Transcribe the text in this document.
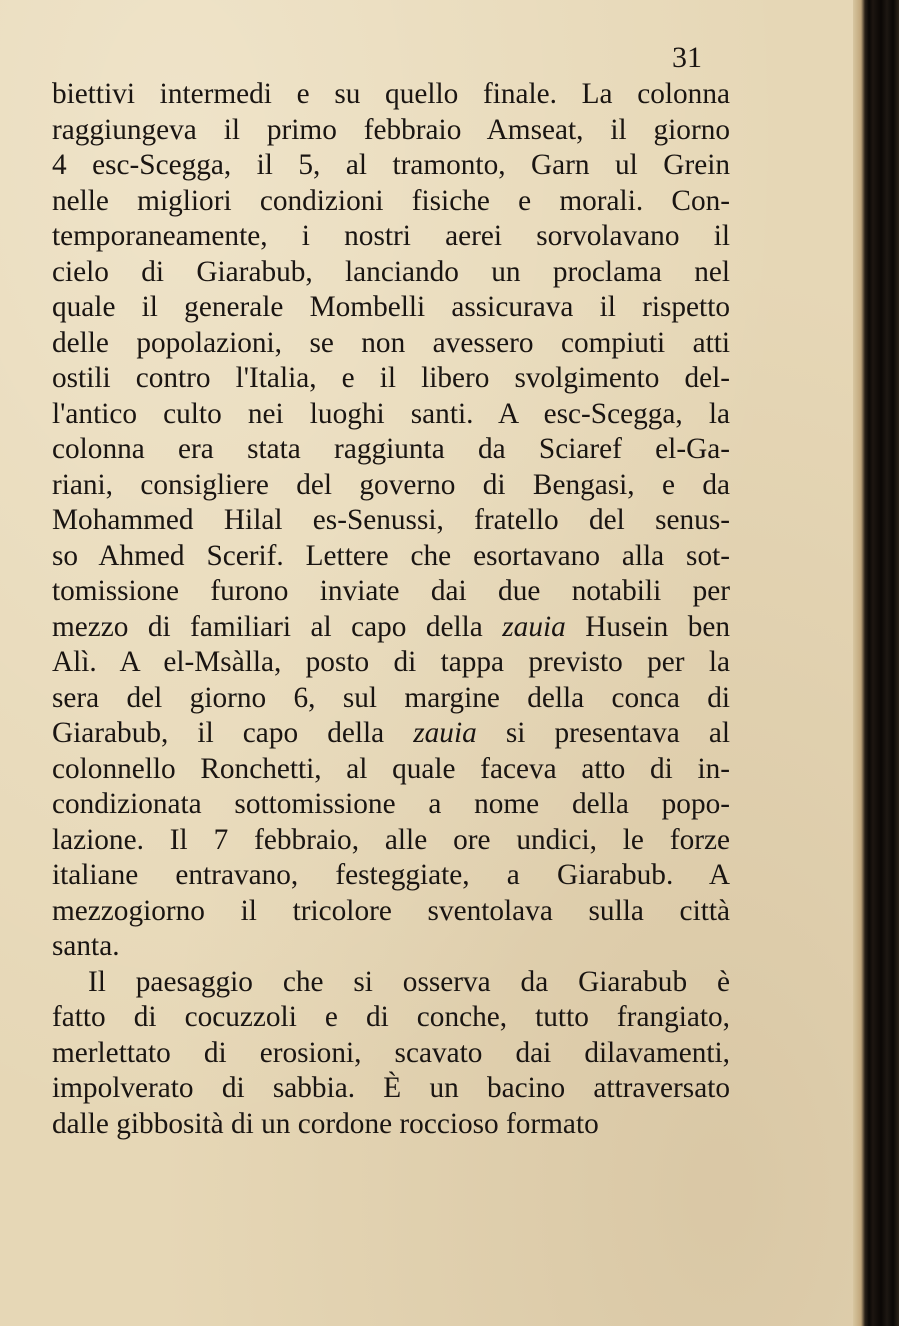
31
biettivi intermedi e su quello finale. La colonna
raggiungeva il primo febbraio Amseat, il giorno
4 esc-Scegga, il 5, al tramonto, Garn ul Grein
nelle migliori condizioni fisiche e morali. Con-
temporaneamente, i nostri aerei sorvolavano il
cielo di Giarabub, lanciando un proclama nel
quale il generale Mombelli assicurava il rispetto
delle popolazioni, se non avessero compiuti atti
ostili contro l'Italia, e il libero svolgimento del-
l'antico culto nei luoghi santi. A esc-Scegga, la
colonna era stata raggiunta da Sciaref el-Ga-
riani, consigliere del governo di Bengasi, e da
Mohammed Hilal es-Senussi, fratello del senus-
so Ahmed Scerif. Lettere che esortavano alla sot-
tomissione furono inviate dai due notabili per
mezzo di familiari al capo della zauia Husein ben
Alì. A el-Msàlla, posto di tappa previsto per la
sera del giorno 6, sul margine della conca di
Giarabub, il capo della zauia si presentava al
colonnello Ronchetti, al quale faceva atto di in-
condizionata sottomissione a nome della popo-
lazione. Il 7 febbraio, alle ore undici, le forze
italiane entravano, festeggiate, a Giarabub. A
mezzogiorno il tricolore sventolava sulla città
santa.
Il paesaggio che si osserva da Giarabub è
fatto di cocuzzoli e di conche, tutto frangiato,
merlettato di erosioni, scavato dai dilavamenti,
impolverato di sabbia. È un bacino attraversato
dalle gibbosità di un cordone roccioso formato
